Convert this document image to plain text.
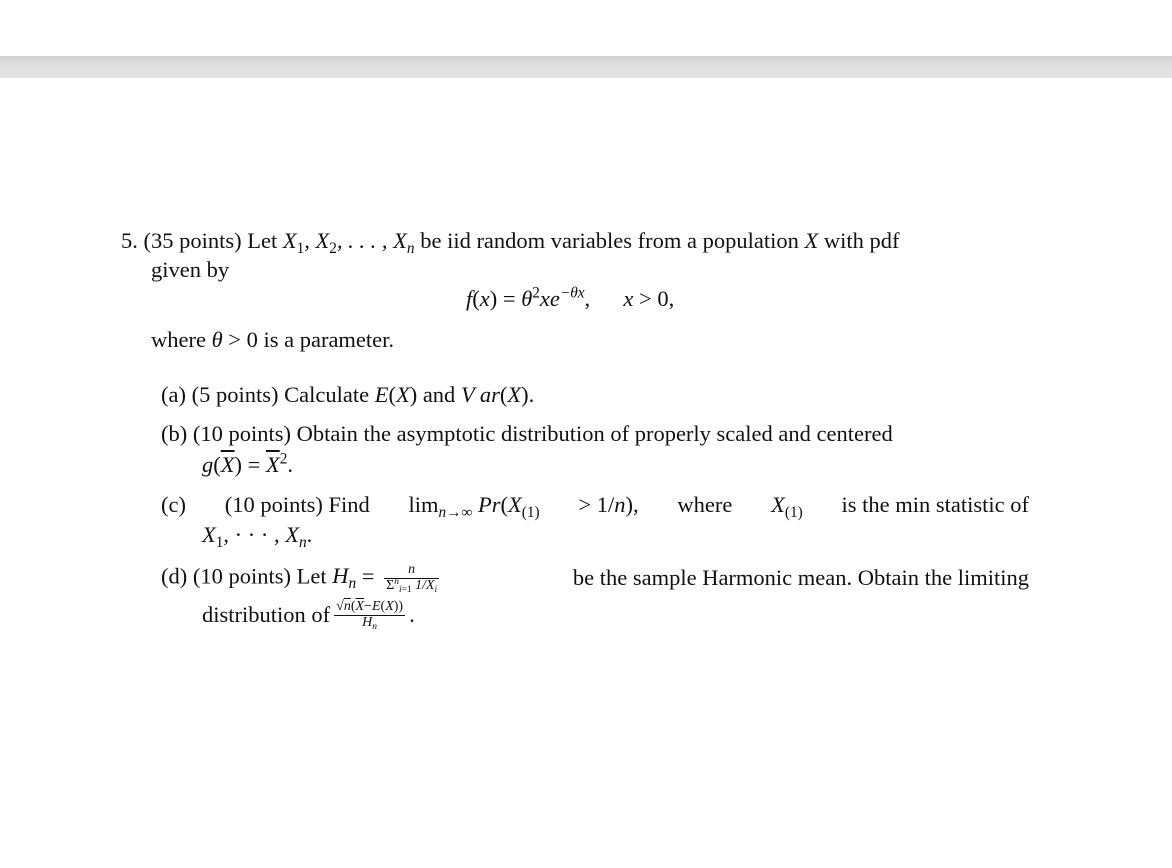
5. (35 points) Let $X_1$, $X_2$, . . . , $X_n$ be iid random variables from a population X with pdf
given by
$f(x) = \theta^2xe^{-\theta x}$,  x > 0,
where θ > 0 is a parameter.
(a) (5 points) Calculate E(X) and V ar(X).
(b) (10 points) Obtain the asymptotic distribution of properly scaled and centered
$g(\overline{X}) = \overline{X}^2$.
(c) (10 points) Find $\lim_{n\to\infty} Pr(X_{(1)} > 1/n)$, where $X_{(1)}$ is the min statistic of
$X_1$, · · · , $X_n$.
(d) (10 points) Let $H_n = \frac{n}{\Sigma^n_{i=1} 1/X_i}$	be the sample Harmonic mean. Obtain the limiting
distribution of $\frac{√n(\overline{X}-E(X))}{H_n}$ .
